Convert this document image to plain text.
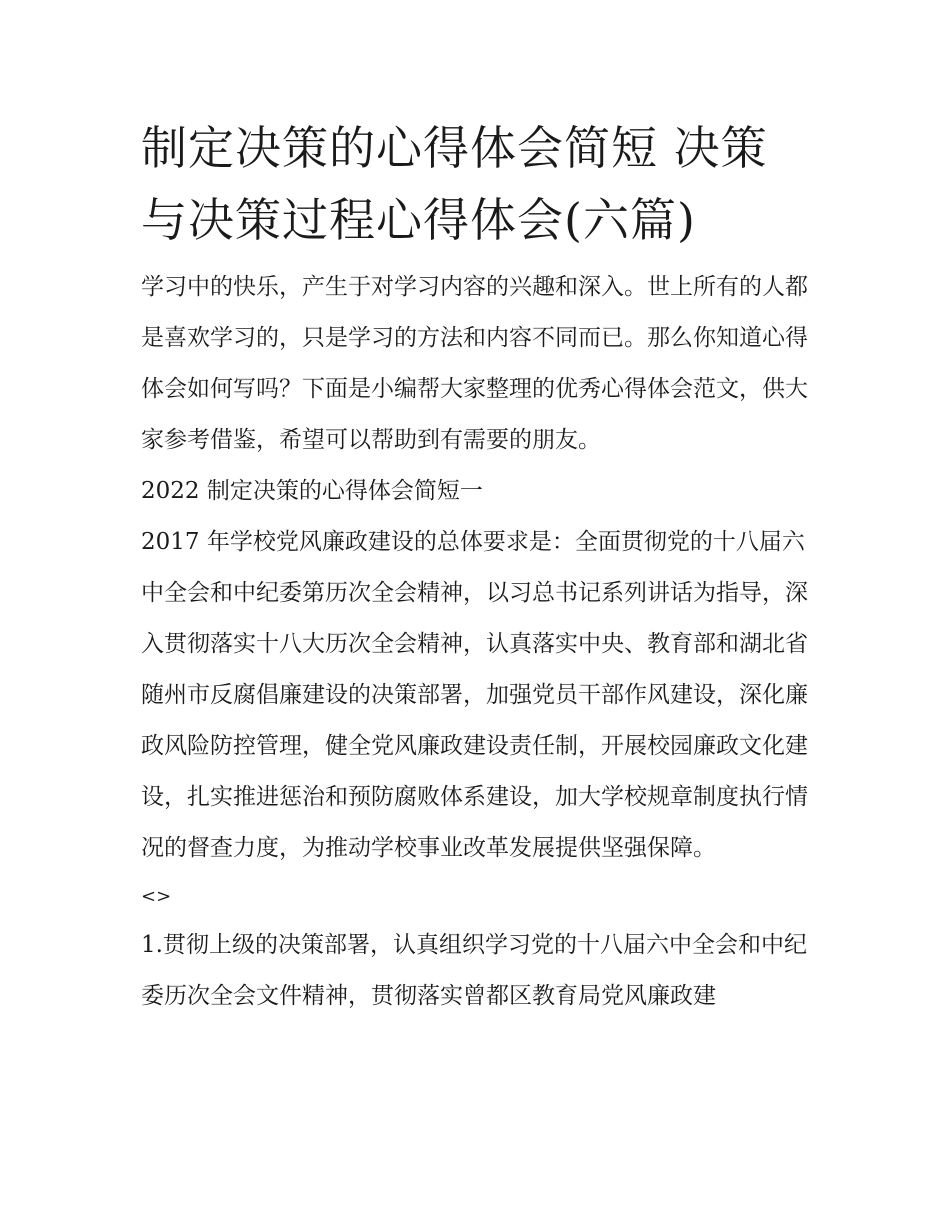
制定决策的心得体会简短 决策
与决策过程心得体会(六篇)

学习中的快乐，产生于对学习内容的兴趣和深入。世上所有的人都是喜欢学习的，只是学习的方法和内容不同而已。那么你知道心得体会如何写吗？下面是小编帮大家整理的优秀心得体会范文，供大家参考借鉴，希望可以帮助到有需要的朋友。

2022 制定决策的心得体会简短一

2017 年学校党风廉政建设的总体要求是：全面贯彻党的十八届六中全会和中纪委第历次全会精神，以习总书记系列讲话为指导，深入贯彻落实十八大历次全会精神，认真落实中央、教育部和湖北省随州市反腐倡廉建设的决策部署，加强党员干部作风建设，深化廉政风险防控管理，健全党风廉政建设责任制，开展校园廉政文化建设，扎实推进惩治和预防腐败体系建设，加大学校规章制度执行情况的督查力度，为推动学校事业改革发展提供坚强保障。

<>

1.贯彻上级的决策部署，认真组织学习党的十八届六中全会和中纪委历次全会文件精神，贯彻落实曾都区教育局党风廉政建
